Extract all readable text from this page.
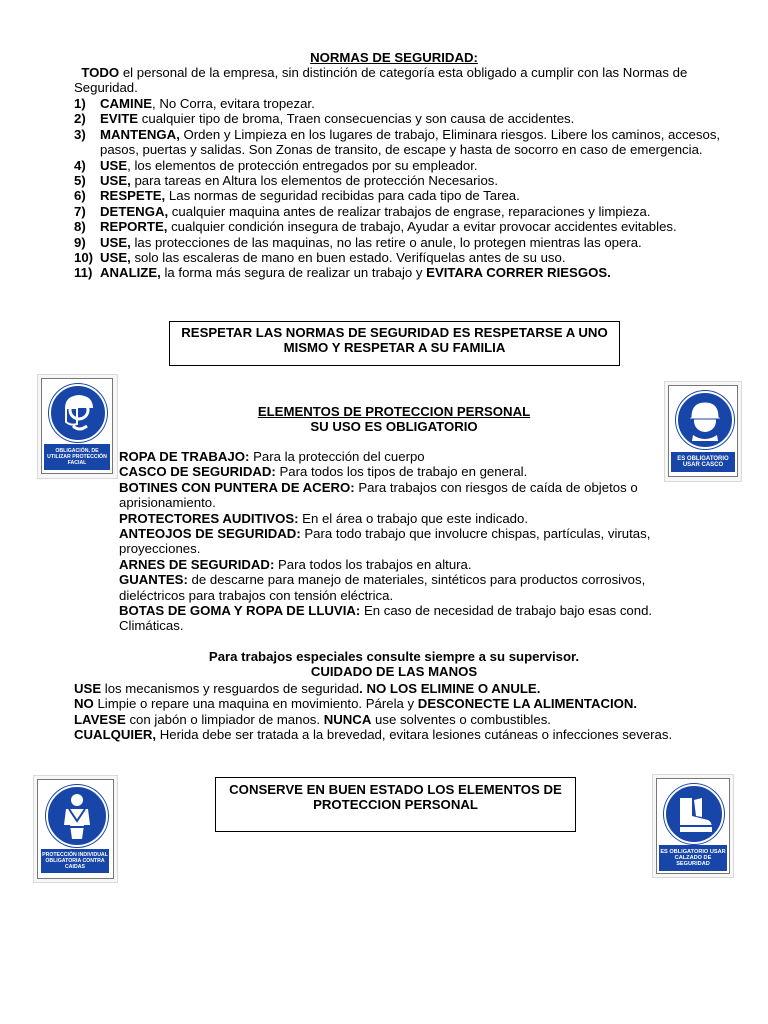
NORMAS DE SEGURIDAD:
TODO el personal de la empresa, sin distinción de categoría esta obligado a cumplir con las Normas de Seguridad.
1) CAMINE, No Corra, evitara tropezar.
2) EVITE cualquier tipo de broma, Traen consecuencias y son causa de accidentes.
3) MANTENGA, Orden y Limpieza en los lugares de trabajo, Eliminara riesgos. Libere los caminos, accesos, pasos, puertas y salidas. Son Zonas de transito, de escape y hasta de socorro en caso de emergencia.
4) USE, los elementos de protección entregados por su empleador.
5) USE, para tareas en Altura los elementos de protección Necesarios.
6) RESPETE, Las normas de seguridad recibidas para cada tipo de Tarea.
7) DETENGA, cualquier maquina antes de realizar trabajos de engrase, reparaciones y limpieza.
8) REPORTE, cualquier condición insegura de trabajo, Ayudar a evitar provocar accidentes evitables.
9) USE, las protecciones de las maquinas, no las retire o anule, lo protegen mientras las opera.
10) USE, solo las escaleras de mano en buen estado. Verifíquelas antes de su uso.
11) ANALIZE, la forma más segura de realizar un trabajo y EVITARA CORRER RIESGOS.
RESPETAR LAS NORMAS DE SEGURIDAD ES RESPETARSE A UNO MISMO Y RESPETAR A SU FAMILIA
OBLIGACIÓN, DE UTILIZAR PROTECCIÓN FACIAL
ELEMENTOS DE PROTECCION PERSONAL
SU USO ES OBLIGATORIO
ES OBLIGATORIO USAR CASCO
ROPA DE TRABAJO: Para la protección del cuerpo
CASCO DE SEGURIDAD: Para todos los tipos de trabajo en general.
BOTINES CON PUNTERA DE ACERO: Para trabajos con riesgos de caída de objetos o aprisionamiento.
PROTECTORES AUDITIVOS: En el área o trabajo que este indicado.
ANTEOJOS DE SEGURIDAD: Para todo trabajo que involucre chispas, partículas, virutas, proyecciones.
ARNES DE SEGURIDAD: Para todos los trabajos en altura.
GUANTES: de descarne para manejo de materiales, sintéticos para productos corrosivos, dieléctricos para trabajos con tensión eléctrica.
BOTAS DE GOMA Y ROPA DE LLUVIA: En caso de necesidad de trabajo bajo esas cond. Climáticas.
Para trabajos especiales consulte siempre a su supervisor.
CUIDADO DE LAS MANOS
USE los mecanismos y resguardos de seguridad. NO LOS ELIMINE O ANULE.
NO Limpie o repare una maquina en movimiento. Párela y DESCONECTE LA ALIMENTACION.
LAVESE con jabón o limpiador de manos. NUNCA use solventes o combustibles.
CUALQUIER, Herida debe ser tratada a la brevedad, evitara lesiones cutáneas o infecciones severas.
PROTECCIÓN INDIVIDUAL OBLIGATORIA CONTRA CAIDAS
CONSERVE EN BUEN ESTADO LOS ELEMENTOS DE PROTECCION PERSONAL
ES OBLIGATORIO USAR CALZADO DE SEGURIDAD
